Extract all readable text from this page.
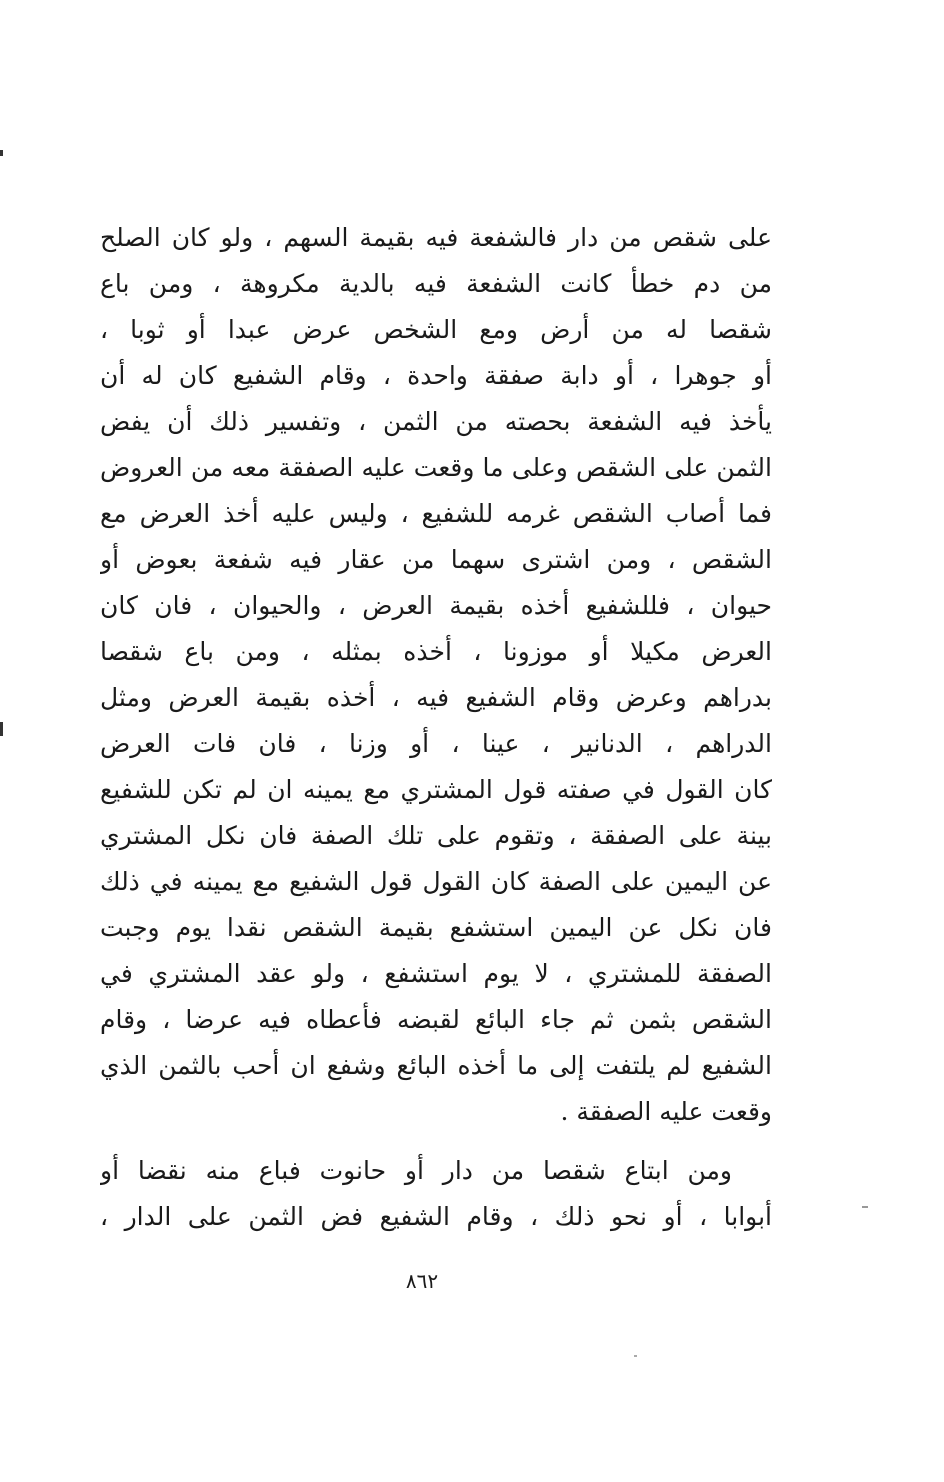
على شقص من دار فالشفعة فيه بقيمة السهم ، ولو كان الصلح
من دم خطأ كانت الشفعة فيه بالدية مكروهة ، ومن باع
شقصا له من أرض ومع الشخص عرض عبدا أو ثوبا ،
أو جوهرا ، أو دابة صفقة واحدة ، وقام الشفيع كان له أن
يأخذ فيه الشفعة بحصته من الثمن ، وتفسير ذلك أن يفض
الثمن على الشقص وعلى ما وقعت عليه الصفقة معه من العروض
فما أصاب الشقص غرمه للشفيع ، وليس عليه أخذ العرض مع
الشقص ، ومن اشترى سهما من عقار فيه شفعة بعوض أو
حيوان ، فللشفيع أخذه بقيمة العرض ، والحيوان ، فان كان
العرض مكيلا أو موزونا ، أخذه بمثله ، ومن باع شقصا
بدراهم وعرض وقام الشفيع فيه ، أخذه بقيمة العرض ومثل
الدراهم ، الدنانير ، عينا ، أو وزنا ، فان فات العرض
كان القول في صفته قول المشتري مع يمينه ان لم تكن للشفيع
بينة على الصفقة ، وتقوم على تلك الصفة فان نكل المشتري
عن اليمين على الصفة كان القول قول الشفيع مع يمينه في ذلك
فان نكل عن اليمين استشفع بقيمة الشقص نقدا يوم وجبت
الصفقة للمشتري ، لا يوم استشفع ، ولو عقد المشتري في
الشقص بثمن ثم جاء البائع لقبضه فأعطاه فيه عرضا ، وقام
الشفيع لم يلتفت إلى ما أخذه البائع وشفع ان أحب بالثمن الذي
وقعت عليه الصفقة .
ومن ابتاع شقصا من دار أو حانوت فباع منه نقضا أو
أبوابا ، أو نحو ذلك ، وقام الشفيع فض الثمن على الدار ،
٨٦٢
